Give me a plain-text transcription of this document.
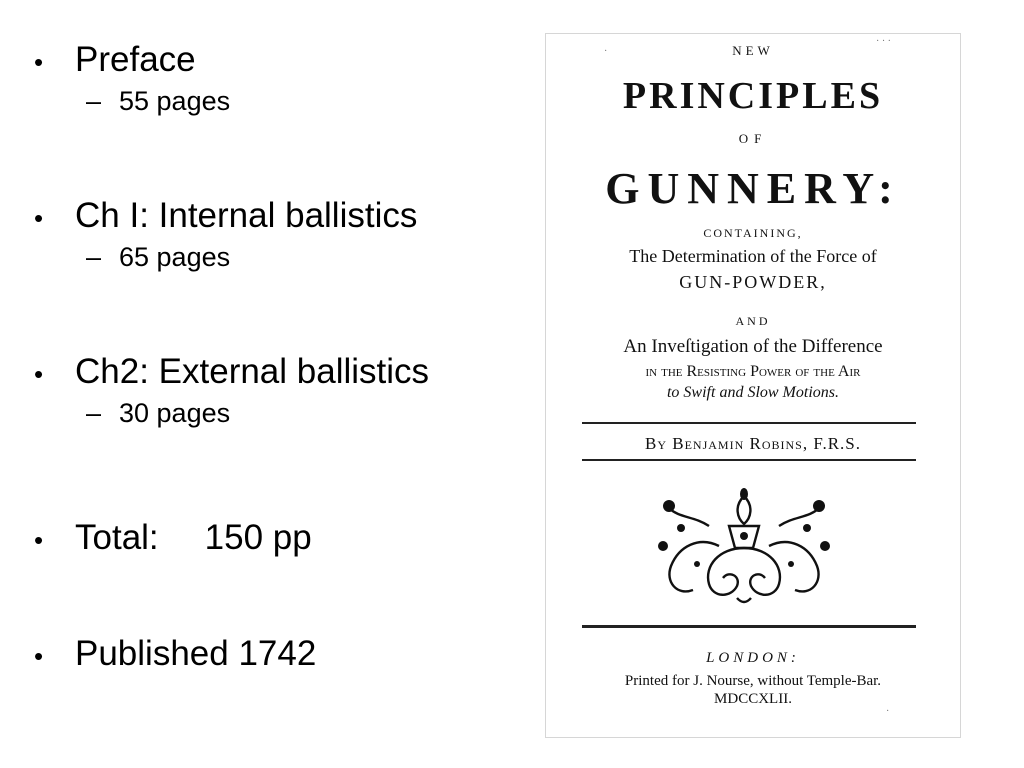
• Preface
– 55 pages
• Ch I: Internal ballistics
– 65 pages
• Ch2: External ballistics
– 30 pages
• Total: 150 pp
• Published 1742
·
· · ·
NEW
PRINCIPLES
OF
GUNNERY:
CONTAINING,
The Determination of the Force of
GUN-POWDER,
AND
An Inveſtigation of the Difference
in the Resisting Power of the Air
to Swift and Slow Motions.
By Benjamin Robins, F.R.S.
LONDON:
Printed for J. Nourse, without Temple-Bar.
MDCCXLII.
·
